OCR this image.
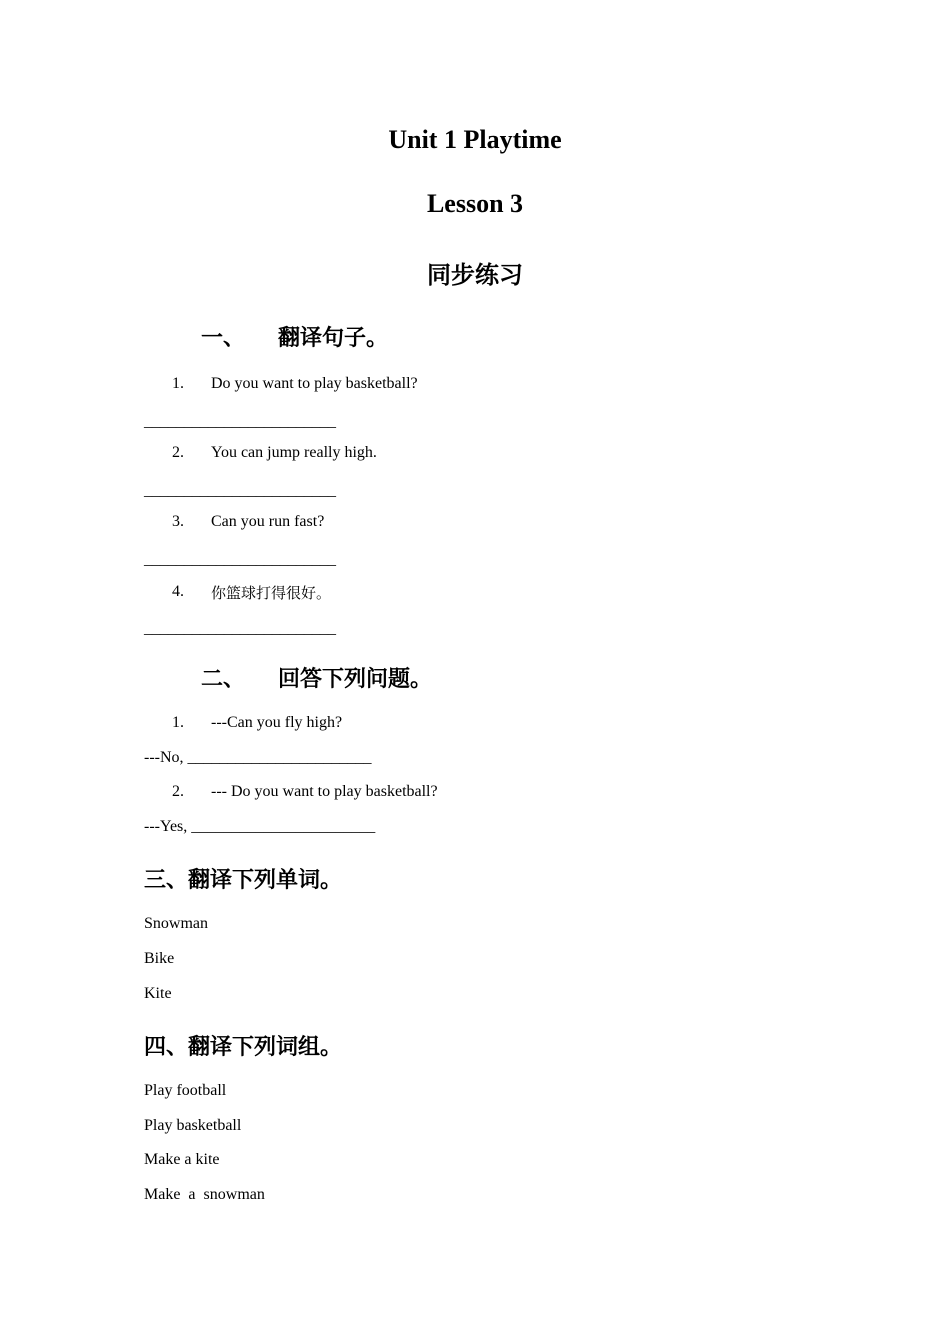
Unit 1 Playtime
Lesson 3
同步练习
一、 翻译句子。
1. Do you want to play basketball?
________________________
2. You can jump really high.
________________________
3. Can you run fast?
________________________
4. 你篮球打得很好。
________________________
二、 回答下列问题。
1. ---Can you fly high?
---No, _______________________
2. --- Do you want to play basketball?
---Yes, _______________________
三、翻译下列单词。
Snowman
Bike
Kite
四、翻译下列词组。
Play football
Play basketball
Make a kite
Make  a  snowman
